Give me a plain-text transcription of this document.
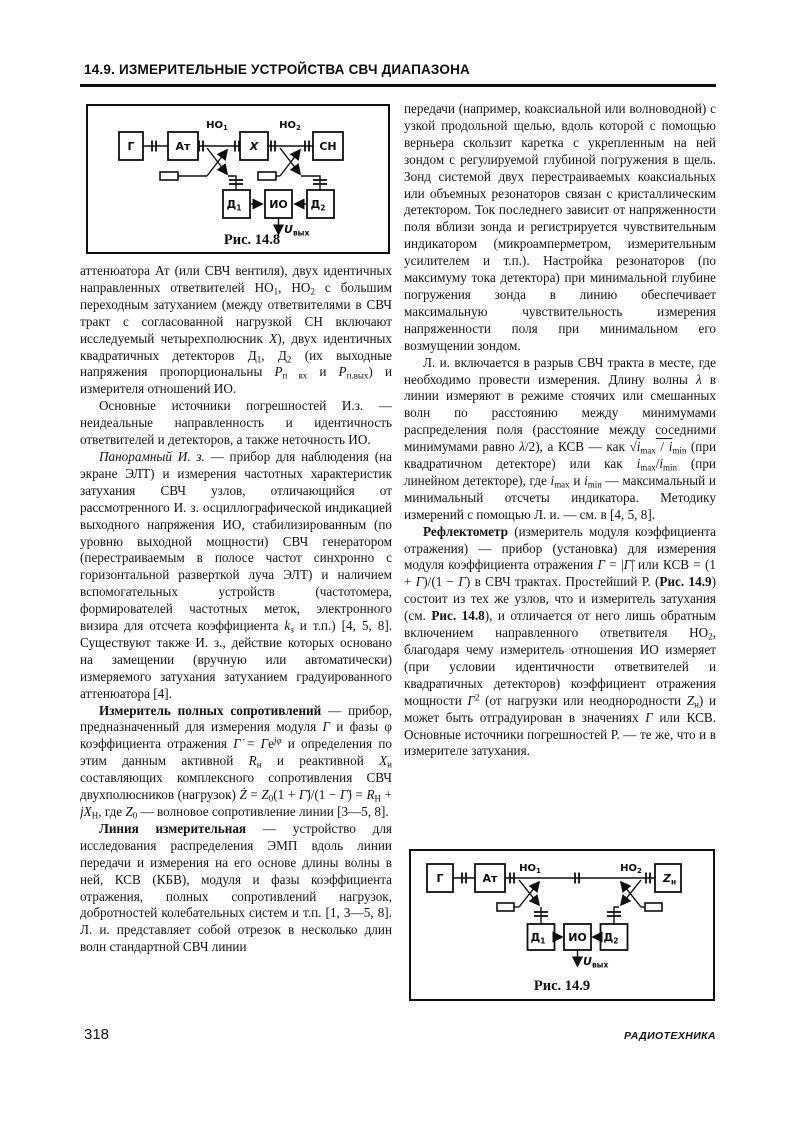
14.9. ИЗМЕРИТЕЛЬНЫЕ УСТРОЙСТВА СВЧ ДИАПАЗОНА
$НО_1$	$НО_2$
Г	Ат	X	СН
$Д_1$	ИО $Д_2$
$U_{вых}$
Рис. 14.8

аттенюатора Ат (или СВЧ вентиля), двух идентичных направленных ответвителей НО1, НО2 с большим переходным затуханием (между ответвителями в СВЧ тракт с согласованной нагрузкой СН включают исследуемый четырехполюсник X), двух идентичных квадратичных детекторов Д1, Д2 (их выходные напряжения пропорциональны Pп вх и Pп.вых) и измерителя отношений ИО.

Основные источники погрешностей И.з. — неидеальные направленность и идентичность ответвителей и детекторов, а также неточность ИО.

Панорамный И. з. — прибор для наблюдения (на экране ЭЛТ) и измерения частотных характеристик затухания СВЧ узлов, отличающийся от рассмотренного И. з. осциллографической индикацией выходного напряжения ИО, стабилизированным (по уровню выходной мощности) СВЧ генератором (перестраиваемым в полосе частот синхронно с горизонтальной разверткой луча ЭЛТ) и наличием вспомогательных устройств (частотомера, формирователей частотных меток, электронного визира для отсчета коэффициента kз и т.п.) [4, 5, 8]. Существуют также И. з., действие которых основано на замещении (вручную или автоматически) измеряемого затухания затуханием градуированного аттенюатора [4].

Измеритель полных сопротивлений — прибор, предназначенный для измерения модуля Г и фазы φ коэффициента отражения Г̇ = $Гe^{j\varphi}$ и определения по этим данным активной Rн и реактивной Xн составляющих комплексного сопротивления СВЧ двухполюсников (нагрузок) Ż = Z0(1 + Г̇)/(1 − Г̇) = RН + jXН, где Z0 — волновое сопротивление линии [3—5, 8].

Линия измерительная — устройство для исследования распределения ЭМП вдоль линии передачи и измерения на его основе длины волны в ней, КСВ (КБВ), модуля и фазы коэффициента отражения, полных сопротивлений нагрузок, добротностей колебательных систем и т.п. [1, 3—5, 8]. Л. и. представляет собой отрезок в несколько длин волн стандартной СВЧ линии

передачи (например, коаксиальной или волноводной) с узкой продольной щелью, вдоль которой с помощью верньера скользит каретка с укрепленным на ней зондом с регулируемой глубиной погружения в щель. Зонд системой двух перестраиваемых коаксиальных или объемных резонаторов связан с кристаллическим детектором. Ток последнего зависит от напряженности поля вблизи зонда и регистрируется чувствительным индикатором (микроамперметром, измерительным усилителем и т.п.). Настройка резонаторов (по максимуму тока детектора) при минимальной глубине погружения зонда в линию обеспечивает максимальную чувствительность измерения напряженности поля при минимальном его возмущении зондом.

Л. и. включается в разрыв СВЧ тракта в месте, где необходимо провести измерения. Длину волны λ в линии измеряют в режиме стоячих или смешанных волн по расстоянию между минимумами распределения поля (расстояние между соседними минимумами равно λ/2), а КСВ — как $√imax / \overline{i}\min$ (при квадратичном детекторе) или как imax/imin (при линейном детекторе), где imax и imin — максимальный и минимальный отсчеты индикатора. Методику измерений с помощью Л. и. — см. в [4, 5, 8].

Рефлектометр (измеритель модуля коэффициента отражения) — прибор (установка) для измерения модуля коэффициента отражения Г = |Г̇| или КСВ = (1 + Г)/(1 − Г) в СВЧ трактах. Простейший Р. (Рис. 14.9) состоит из тех же узлов, что и измеритель затухания (см. Рис. 14.8), и отличается от него лишь обратным включением направленного ответвителя НО2, благодаря чему измеритель отношения ИО измеряет (при условии идентичности ответвителей и квадратичных детекторов) коэффициент отражения мощности $Г^2$ (от нагрузки или неоднородности Zн) и может быть отградуирован в значениях Г или КСВ. Основные источники погрешностей Р. — те же, что и в измерителе затухания.

$НО_1$	$НО_2$
Г	Ат	$Z_н$
$Д_1$ ИО $Д_2$
$U_{вых}$
Рис. 14.9
318	РАДИОТЕХНИКА
